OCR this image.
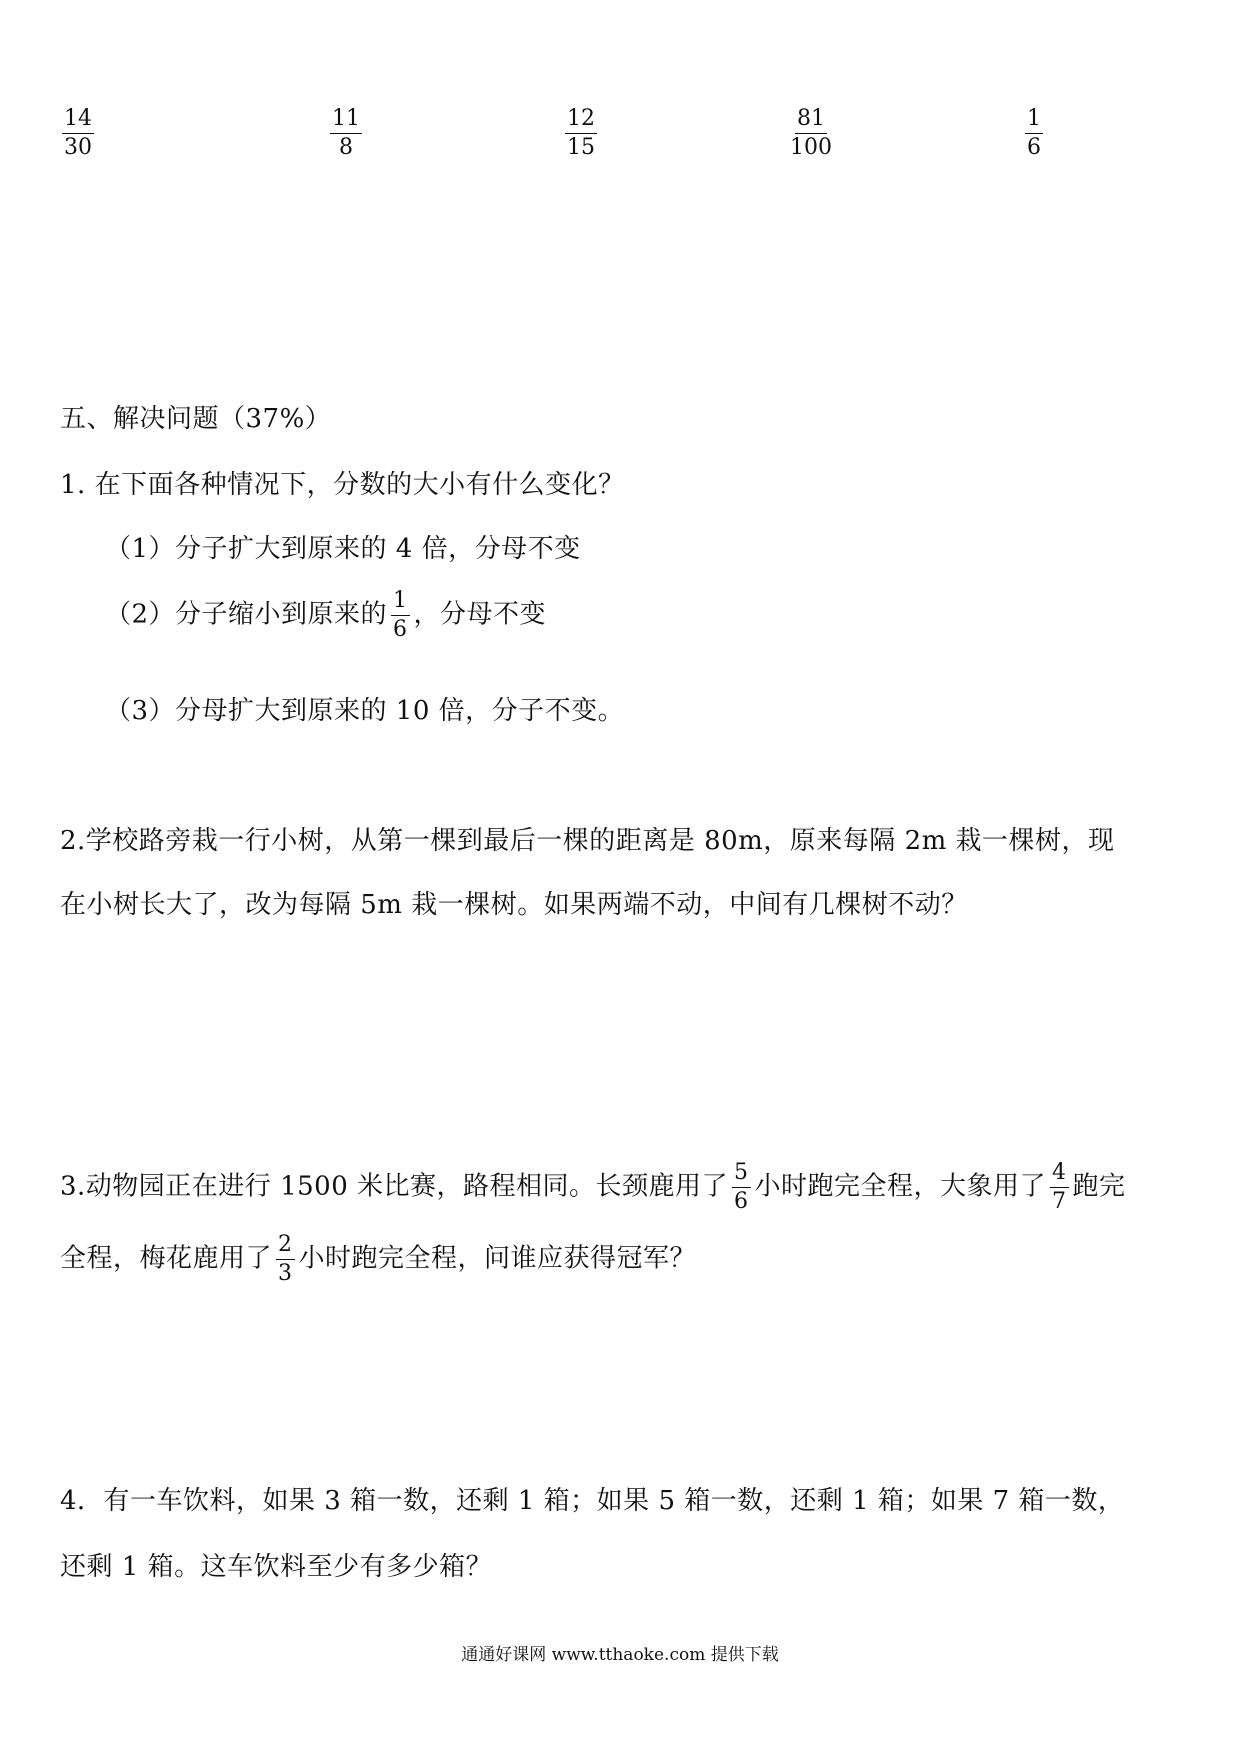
$\frac{14}{30}$	$\frac{11}{8}$	$\frac{12}{15}$	$\frac{81}{100}$	$\frac{1}{6}$
五、解决问题（37%）
1. 在下面各种情况下，分数的大小有什么变化？
（1）分子扩大到原来的 4 倍，分母不变
（2）分子缩小到原来的 $\frac{1}{6}$ ，分母不变
（3）分母扩大到原来的 10 倍，分子不变。
2.学校路旁栽一行小树，从第一棵到最后一棵的距离是 80m，原来每隔 2m 栽一棵树，现
在小树长大了，改为每隔 5m 栽一棵树。如果两端不动，中间有几棵树不动？
3.动物园正在进行 1500 米比赛，路程相同。长颈鹿用了 $\frac{5}{6}$ 小时跑完全程，大象用了 $\frac{4}{7}$ 跑完
全程，梅花鹿用了 $\frac{2}{3}$ 小时跑完全程，问谁应获得冠军？
4．有一车饮料，如果 3 箱一数，还剩 1 箱；如果 5 箱一数，还剩 1 箱；如果 7 箱一数，
还剩 1 箱。这车饮料至少有多少箱？
通通好课网 www.tthaoke.com 提供下载
